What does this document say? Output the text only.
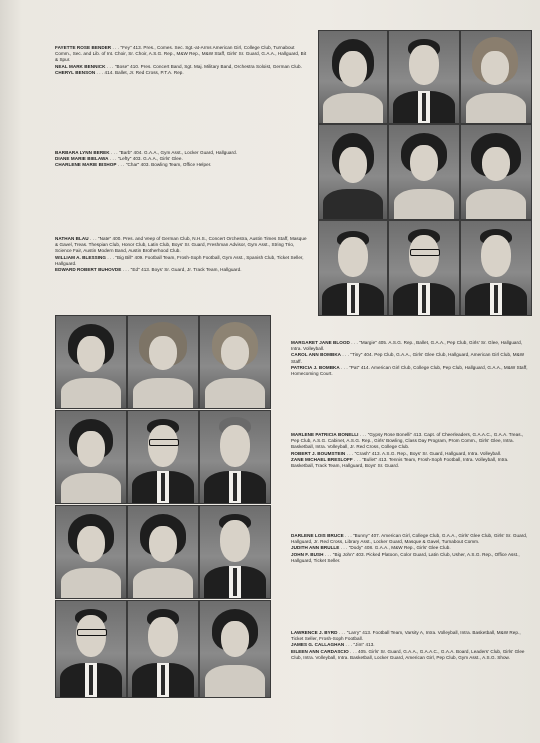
FAYETTE ROSE BENDER . . . "Fey" 413. Pres., Comes. Sec. Sgt.-at-Arms American Girl, College Club, Turnabout Comm., Sec. and Lib. of Int. Choir, Sr. Choir, A.S.G. Rep., M&W Rep., M&W Staff, Girls' Sr. Guard, G.A.A., Hallguard, Bit & Spur.

NEAL MARK BENNICK . . . "Bose" 410. Pres. Concert Band, Sgt. Maj. Military Band, Orchestra Soloist, German Club.

CHERYL BENSON . . . 414. Ballet, Jr. Red Cross, P.T.A. Rep.

BARBARA LYNN BEREK . . . "Barb" 404. G.A.A., Gym Asst., Locker Guard, Hallguard.

DIANE MARIE BIELAWA . . . "Lefty" 403. G.A.A., Girls' Glee.

CHARLENE MARIE BISHOP . . . "Char" 403. Bowling Team, Office Helper.

NATHAN BLAU . . . "Nate" 400. Pres. and Veep of German Club, N.H.S., Concert Orchestra, Austin Times Staff, Masque & Gavel, Treas. Thespian Club, Honor Club, Latin Club, Boys' Sr. Guard, Freshman Advisor, Gym Asst., String Trio, Science Fair, Austin Modern Band, Austin Brotherhood Club.

WILLIAM A. BLESSING . . . "Big Bill" 409. Football Team, Frosh-Soph Football, Gym Asst., Spanish Club, Ticket Seller, Hallguard.

EDWARD ROBERT BUHOVDE . . . "Ed" 413. Boys' Sr. Guard, Jr. Track Team, Hallguard.

MARGARET JANE BLOOD . . . "Margie" 405. A.S.G. Rep., Ballet, G.A.A., Pep Club, Girls' Sr. Glee, Hallguard, Intra. Volleyball.

CAROL ANN BOMBKA . . . "Tiny" 404. Pep Club, G.A.A., Girls' Glee Club, Hallguard, American Girl Club, M&W Staff.

PATRICIA J. BOMBKA . . . "Pat" 414. American Girl Club, College Club, Pep Club, Hallguard, G.A.A., M&W Staff, Homecoming Court.

MARLENE PATRICIA BONELLI . . . "Gypsy Rose Bonelli" 413. Capt. of Cheerleaders, G.A.A.C., G.A.A. Treas., Pep Club, A.S.G. Cabinet, A.S.G. Rep., Girls' Bowling, Class Day Program, Prom Comm., Girls' Glee, Intra. Basketball, Intra. Volleyball, Jr. Red Cross, College Club.

ROBERT J. BOUMSTEIN . . . "Crash" 413. A.S.G. Rep., Boys' Sr. Guard, Hallguard, Intra. Volleyball.

ZANE MICHAEL BRESLOFF . . . "Bullet" 413. Tennis Team, Frosh-Soph Football, Intra. Volleyball, Intra. Basketball, Track Team, Hallguard, Boys' Sr. Guard.

DARLENE LOIS BRUCE . . . "Bunny" 407. American Girl, College Club, G.A.A., Girls' Glee Club, Girls' Sr. Guard, Hallguard, Jr. Red Cross, Library Asst., Locker Guard, Masque & Gavel, Turnabout Comm.

JUDITH ANN BRULLE . . . "Dody" 408. G.A.A., M&W Rep., Girls' Glee Club.

JOHN F. BUSH . . . "Big John" 403. Picked Platoon, Color Guard, Latin Club, Usher, A.S.G. Rep., Office Asst., Hallguard, Ticket Seller.

LAWRENCE J. BYRD . . . "Larry" 413. Football Team, Varsity A, Intra. Volleyball, Intra. Basketball, M&W Rep., Ticket Seller, Frosh-Soph Football.

JAMES G. CALLAGHAN . . . "Jim" 413.

EILEEN ANN CARDASCIO . . . 405. Girls' Sr. Guard, G.A.A., G.A.A.C., G.A.A. Board, Leaders' Club, Girls' Glee Club, Intra. Volleyball, Intra. Basketball, Locker Guard, American Girl, Pep Club, Gym Asst., A.S.G. Show.
